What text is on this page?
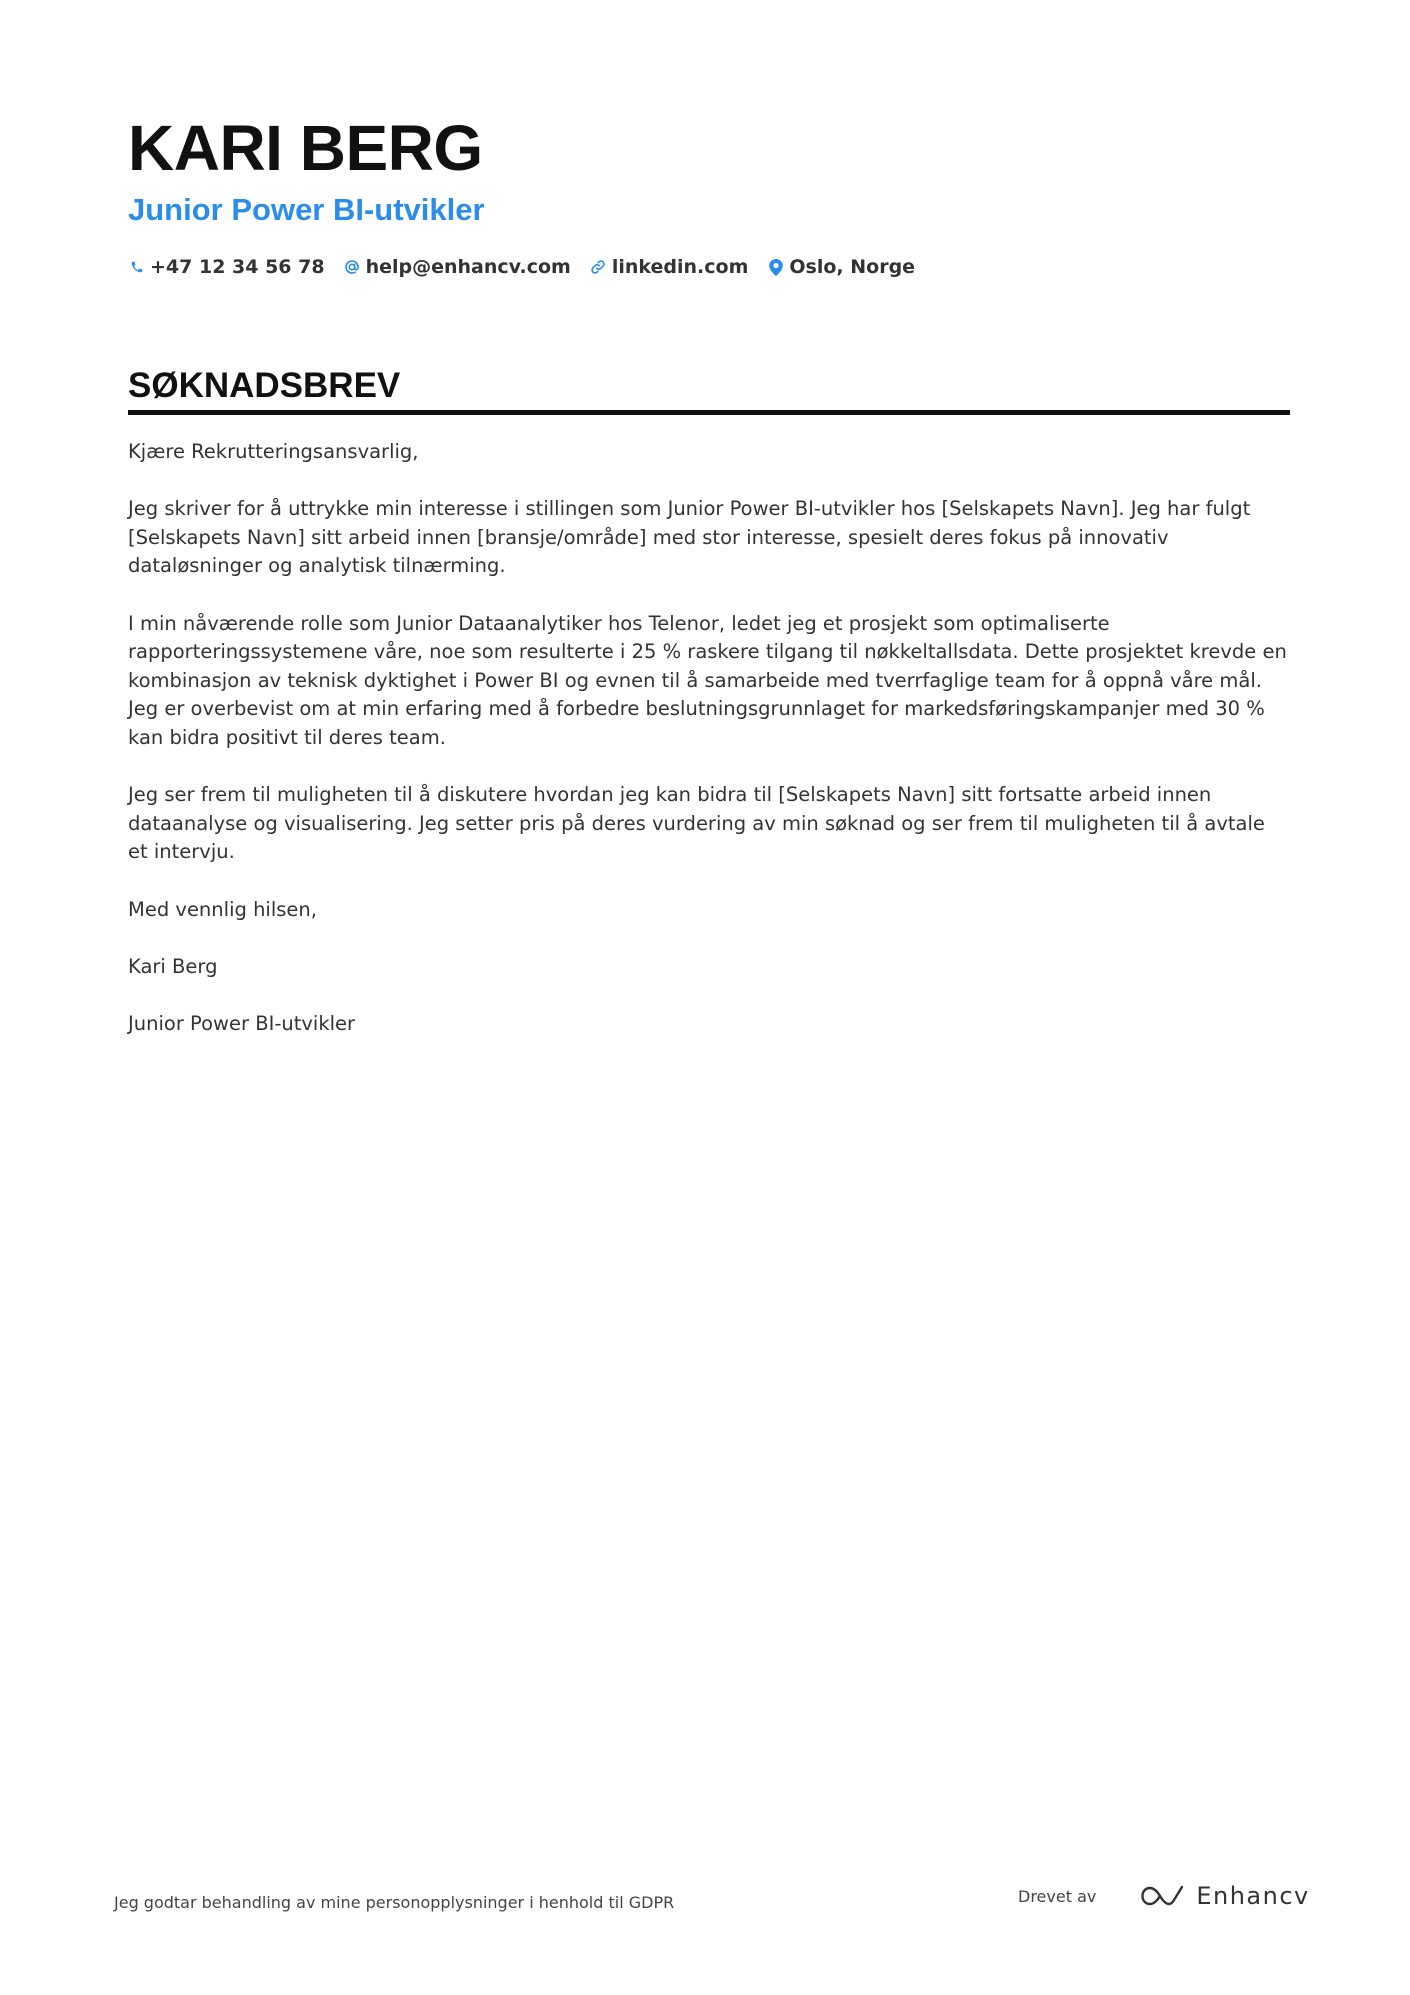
KARI BERG
Junior Power BI-utvikler
+47 12 34 56 78 help@enhancv.com linkedin.com Oslo, Norge
SØKNADSBREV

Kjære Rekrutteringsansvarlig,

Jeg skriver for å uttrykke min interesse i stillingen som Junior Power BI-utvikler hos [Selskapets Navn]. Jeg har fulgt [Selskapets Navn] sitt arbeid innen [bransje/område] med stor interesse, spesielt deres fokus på innovativ dataløsninger og analytisk tilnærming.

I min nåværende rolle som Junior Dataanalytiker hos Telenor, ledet jeg et prosjekt som optimaliserte rapporteringssystemene våre, noe som resulterte i 25 % raskere tilgang til nøkkeltallsdata. Dette prosjektet krevde en kombinasjon av teknisk dyktighet i Power BI og evnen til å samarbeide med tverrfaglige team for å oppnå våre mål. Jeg er overbevist om at min erfaring med å forbedre beslutningsgrunnlaget for markedsføringskampanjer med 30 % kan bidra positivt til deres team.

Jeg ser frem til muligheten til å diskutere hvordan jeg kan bidra til [Selskapets Navn] sitt fortsatte arbeid innen dataanalyse og visualisering. Jeg setter pris på deres vurdering av min søknad og ser frem til muligheten til å avtale et intervju.

Med vennlig hilsen,

Kari Berg

Junior Power BI-utvikler

Jeg godtar behandling av mine personopplysninger i henhold til GDPR	Drevet av	Enhancv
